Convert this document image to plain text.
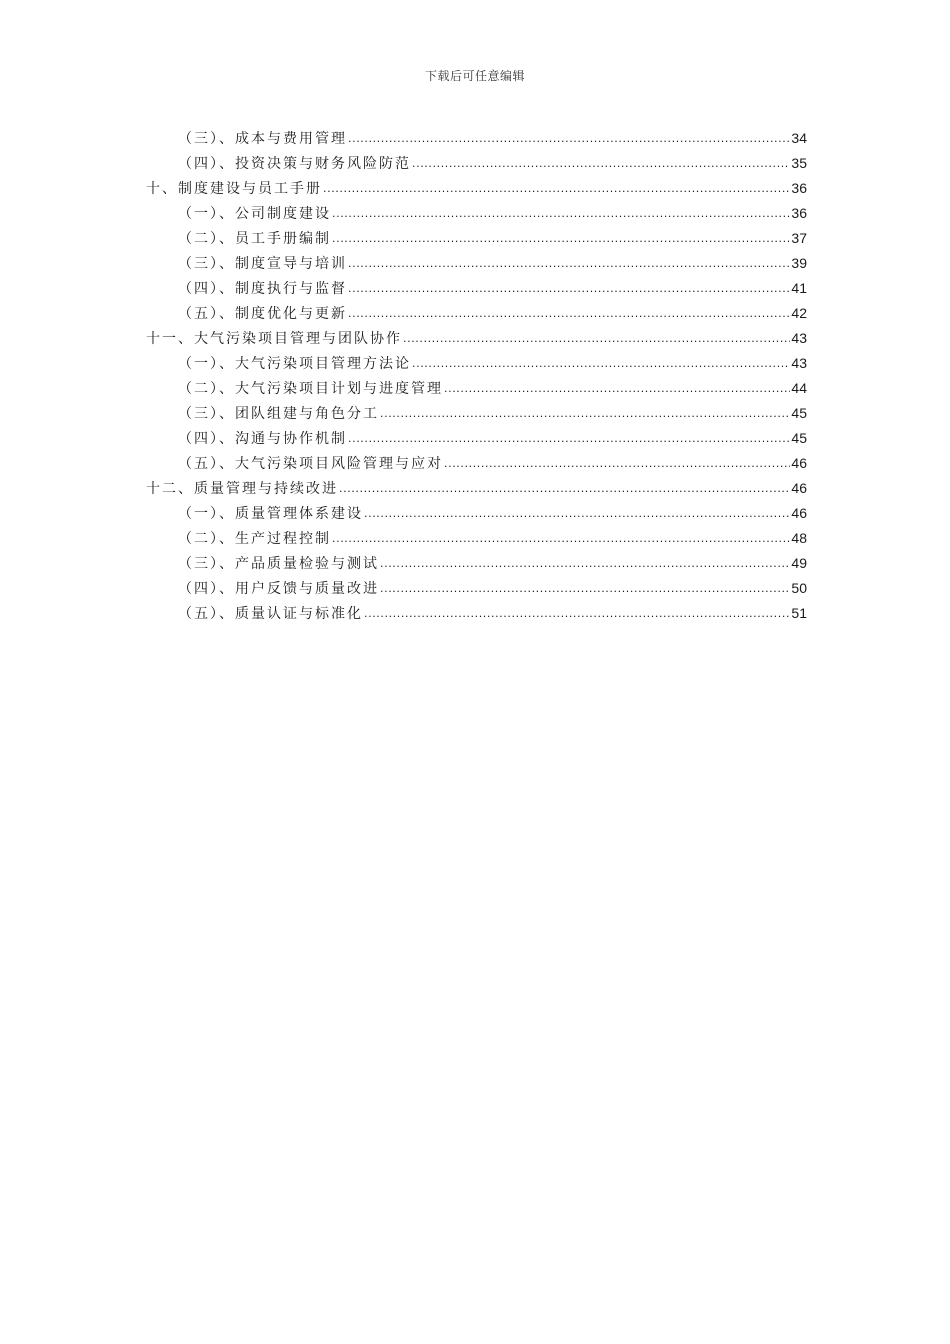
下载后可任意编辑
（三）、成本与费用管理 .....	34
（四）、投资决策与财务风险防范 .....	35
十、制度建设与员工手册 .....	36
（一）、公司制度建设 .....	36
（二）、员工手册编制 .....	37
（三）、制度宣导与培训 .....	39
（四）、制度执行与监督 .....	41
（五）、制度优化与更新 .....	42
十一、大气污染项目管理与团队协作 .....	43
（一）、大气污染项目管理方法论 .....	43
（二）、大气污染项目计划与进度管理 .....	44
（三）、团队组建与角色分工 .....	45
（四）、沟通与协作机制 .....	45
（五）、大气污染项目风险管理与应对 .....	46
十二、质量管理与持续改进 .....	46
（一）、质量管理体系建设 .....	46
（二）、生产过程控制 .....	48
（三）、产品质量检验与测试 .....	49
（四）、用户反馈与质量改进 .....	50
（五）、质量认证与标准化 .....	51
